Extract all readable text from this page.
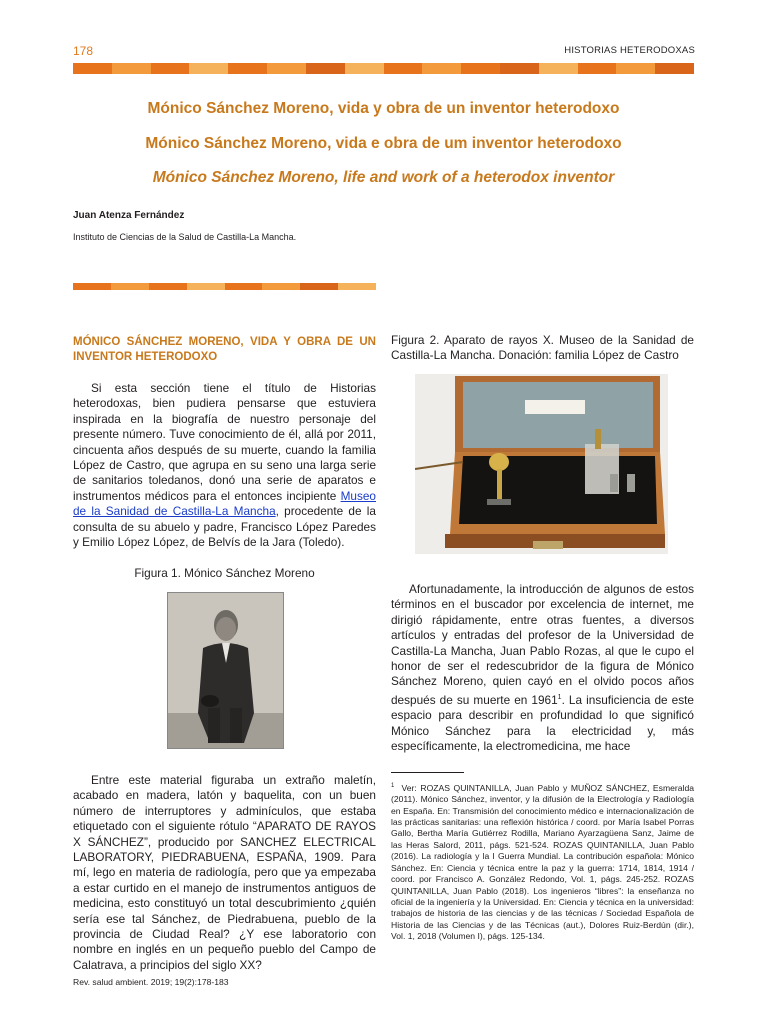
178	HISTORIAS HETERODOXAS
Mónico Sánchez Moreno, vida y obra de un inventor heterodoxo
Mónico Sánchez Moreno, vida e obra de um inventor heterodoxo
Mónico Sánchez Moreno, life and work of a heterodox inventor
Juan Atenza Fernández
Instituto de Ciencias de la Salud de Castilla-La Mancha.
MÓNICO SÁNCHEZ MORENO, VIDA Y OBRA DE UN INVENTOR HETERODOXO
Si esta sección tiene el título de Historias heterodoxas, bien pudiera pensarse que estuviera inspirada en la biografía de nuestro personaje del presente número. Tuve conocimiento de él, allá por 2011, cincuenta años después de su muerte, cuando la familia López de Castro, que agrupa en su seno una larga serie de sanitarios toledanos, donó una serie de aparatos e instrumentos médicos para el entonces incipiente Museo de la Sanidad de Castilla-La Mancha, procedente de la consulta de su abuelo y padre, Francisco López Paredes y Emilio López López, de Belvís de la Jara (Toledo).
Figura 1. Mónico Sánchez Moreno
Entre este material figuraba un extraño maletín, acabado en madera, latón y baquelita, con un buen número de interruptores y adminículos, que estaba etiquetado con el siguiente rótulo “APARATO DE RAYOS X SÁNCHEZ”, producido por SANCHEZ ELECTRICAL LABORATORY, PIEDRABUENA, ESPAÑA, 1909. Para mí, lego en materia de radiología, pero que ya empezaba a estar curtido en el manejo de instrumentos antiguos de medicina, esto constituyó un total descubrimiento ¿quién sería ese tal Sánchez, de Piedrabuena, pueblo de la provincia de Ciudad Real? ¿Y ese laboratorio con nombre en inglés en un pequeño pueblo del Campo de Calatrava, a principios del siglo XX?
Figura 2. Aparato de rayos X. Museo de la Sanidad de Castilla-La Mancha. Donación: familia López de Castro
Afortunadamente, la introducción de algunos de estos términos en el buscador por excelencia de internet, me dirigió rápidamente, entre otras fuentes, a diversos artículos y entradas del profesor de la Universidad de Castilla-La Mancha, Juan Pablo Rozas, al que le cupo el honor de ser el redescubridor de la figura de Mónico Sánchez Moreno, quien cayó en el olvido pocos años después de su muerte en 1961$^1$. La insuficiencia de este espacio para describir en profundidad lo que significó Mónico Sánchez para la electricidad y, más específicamente, la electromedicina, me hace
$^1$ Ver: ROZAS QUINTANILLA, Juan Pablo y MUÑOZ SÁNCHEZ, Esmeralda (2011). Mónico Sánchez, inventor, y la difusión de la Electrología y Radiología en España. En: Transmisión del conocimiento médico e internacionalización de las prácticas sanitarias: una reflexión histórica / coord. por María Isabel Porras Gallo, Bertha María Gutiérrez Rodilla, Mariano Ayarzagüena Sanz, Jaime de las Heras Salord, 2011, págs. 521-524. ROZAS QUINTANILLA, Juan Pablo (2016). La radiología y la I Guerra Mundial. La contribución española: Mónico Sánchez. En: Ciencia y técnica entre la paz y la guerra: 1714, 1814, 1914 / coord. por Francisco A. González Redondo, Vol. 1, págs. 245-252. ROZAS QUINTANILLA, Juan Pablo (2018). Los ingenieros “libres”: la enseñanza no oficial de la ingeniería y la Universidad. En: Ciencia y técnica en la universidad: trabajos de historia de las ciencias y de las técnicas / Sociedad Española de Historia de las Ciencias y de las Técnicas (aut.), Dolores Ruiz-Berdún (dir.), Vol. 1, 2018 (Volumen I), págs. 125-134.
Rev. salud ambient. 2019; 19(2):178-183
